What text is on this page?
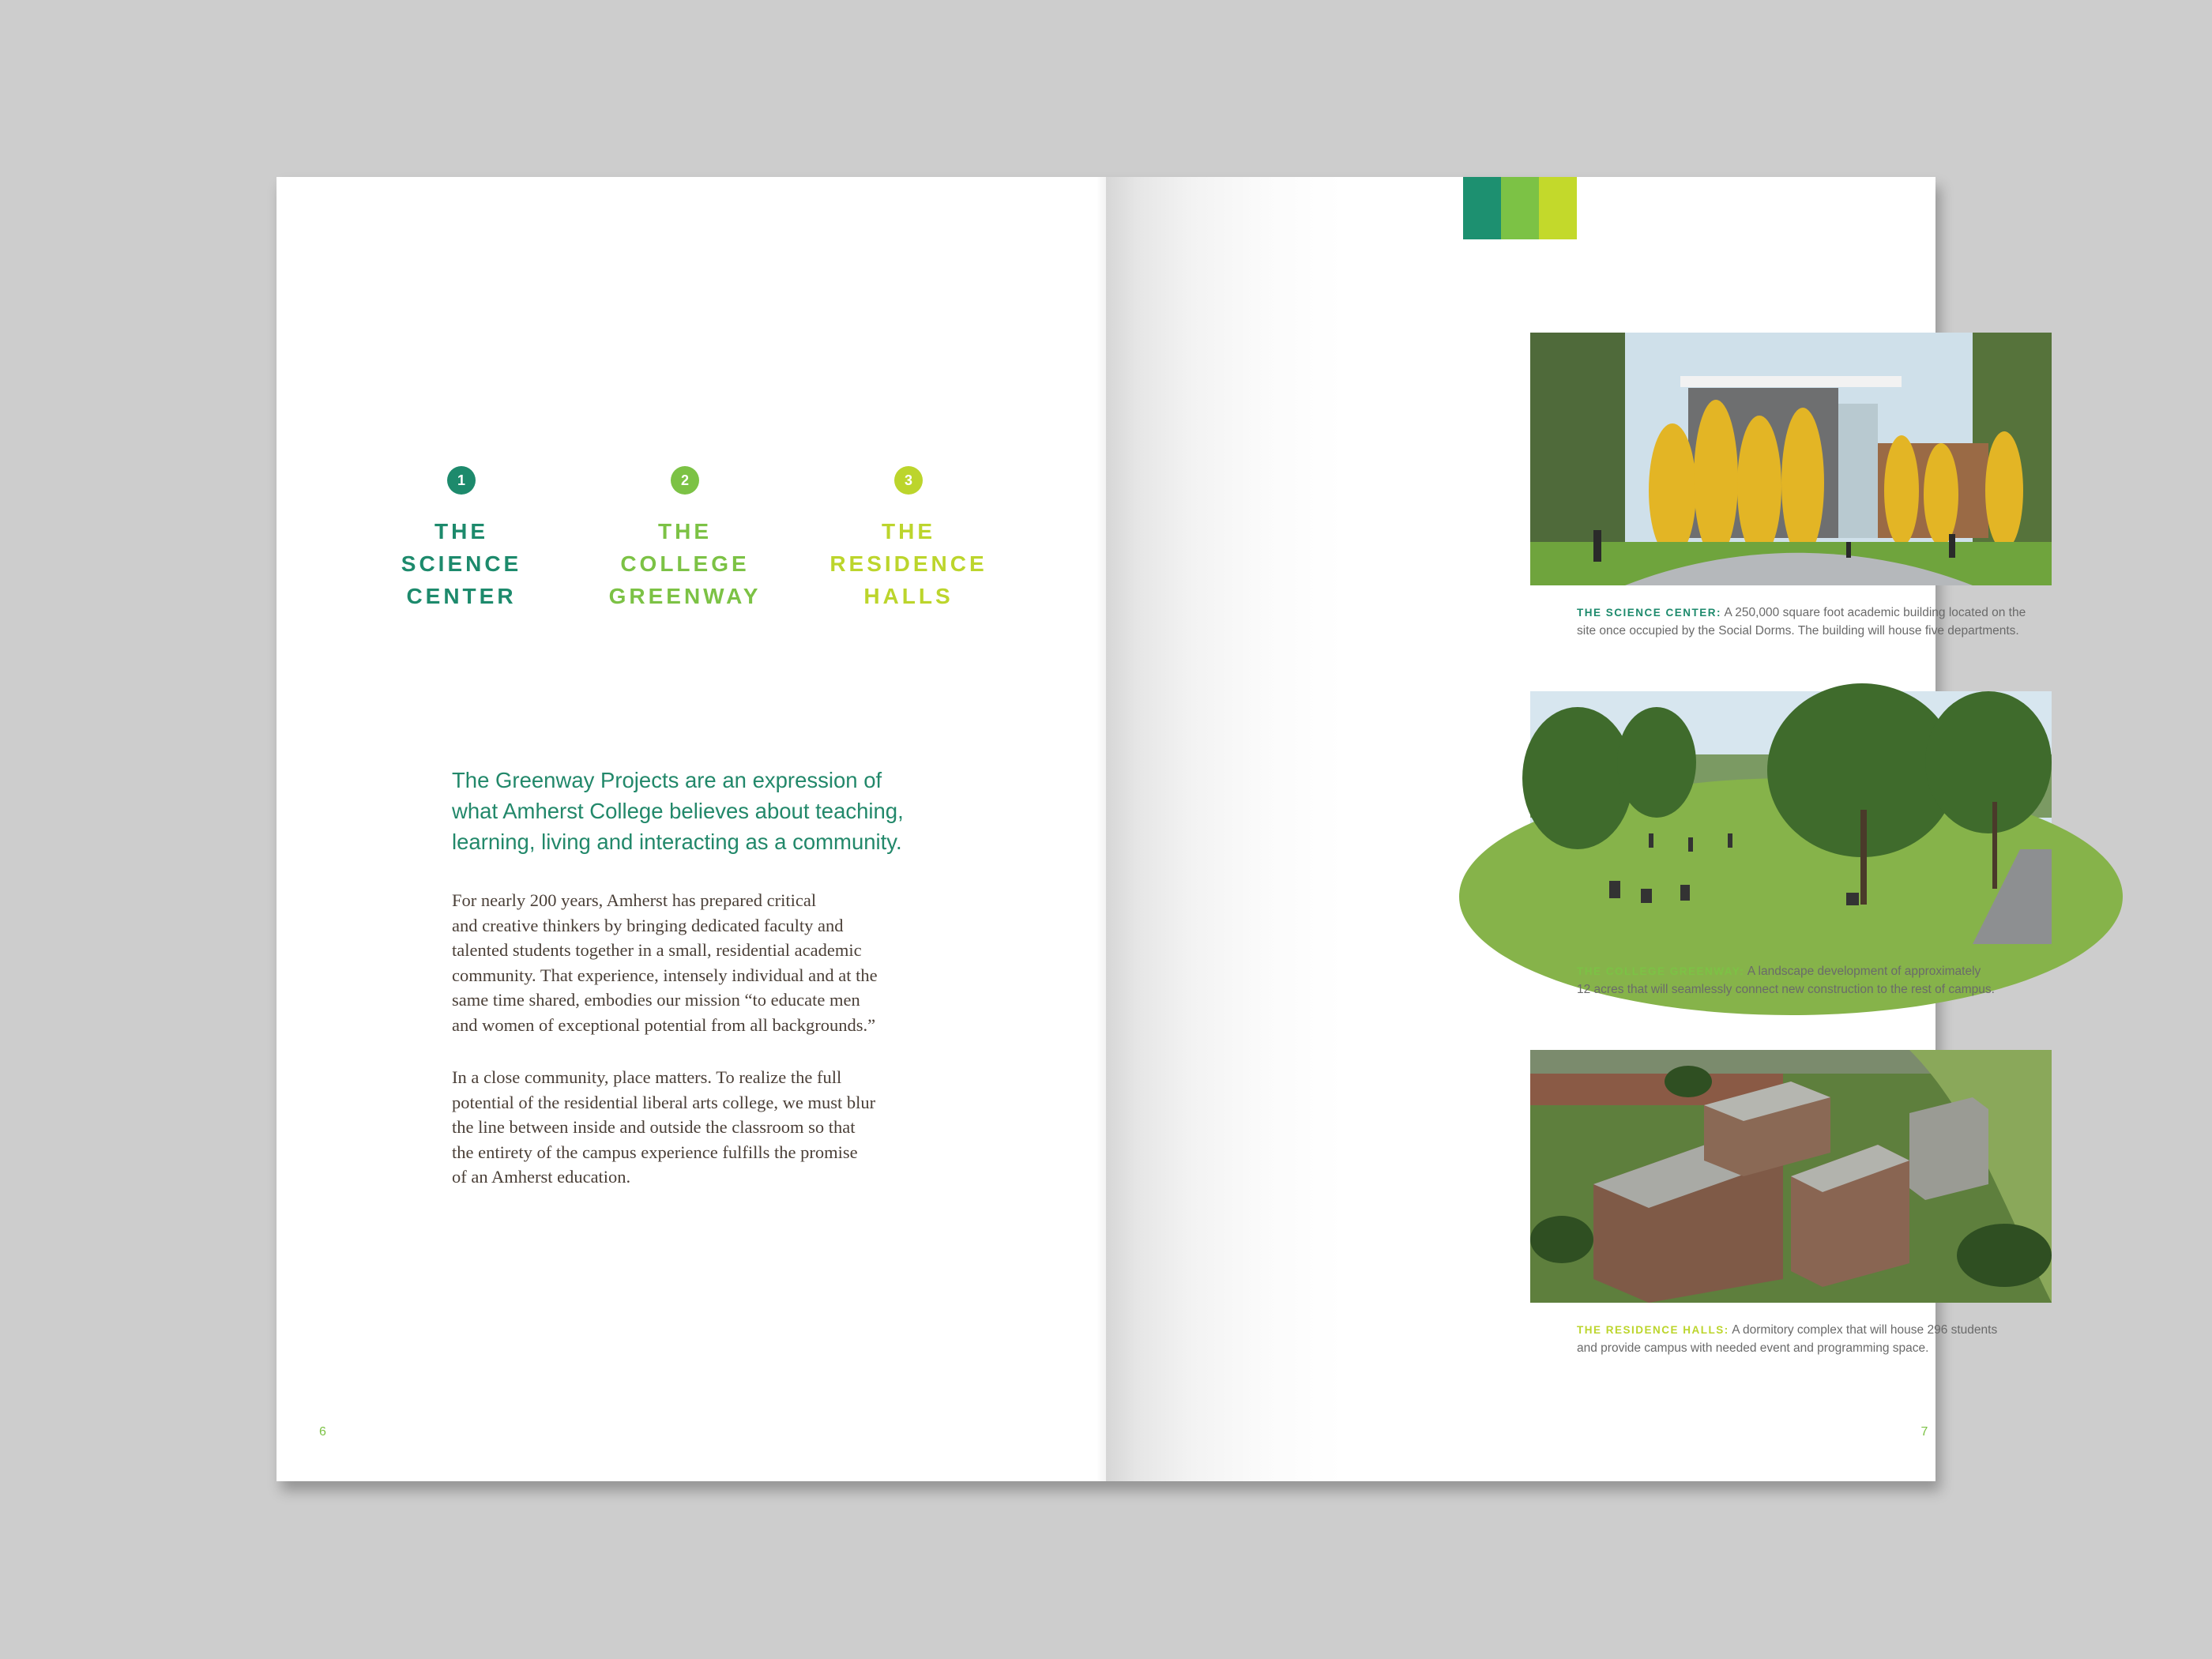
1
THE
SCIENCE
CENTER
2
THE
COLLEGE
GREENWAY
3
THE
RESIDENCE
HALLS
The Greenway Projects are an expression of
what Amherst College believes about teaching,
learning, living and interacting as a community.
For nearly 200 years, Amherst has prepared critical
and creative thinkers by bringing dedicated faculty and
talented students together in a small, residential academic
community. That experience, intensely individual and at the
same time shared, embodies our mission “to educate men
and women of exceptional potential from all backgrounds.”
In a close community, place matters. To realize the full
potential of the residential liberal arts college, we must blur
the line between inside and outside the classroom so that
the entirety of the campus experience fulfills the promise
of an Amherst education.
6
THE SCIENCE CENTER: A 250,000 square foot academic building located on the
site once occupied by the Social Dorms. The building will house five departments.
THE COLLEGE GREENWAY: A landscape development of approximately
12 acres that will seamlessly connect new construction to the rest of campus.
THE RESIDENCE HALLS: A dormitory complex that will house 296 students
and provide campus with needed event and programming space.
7
